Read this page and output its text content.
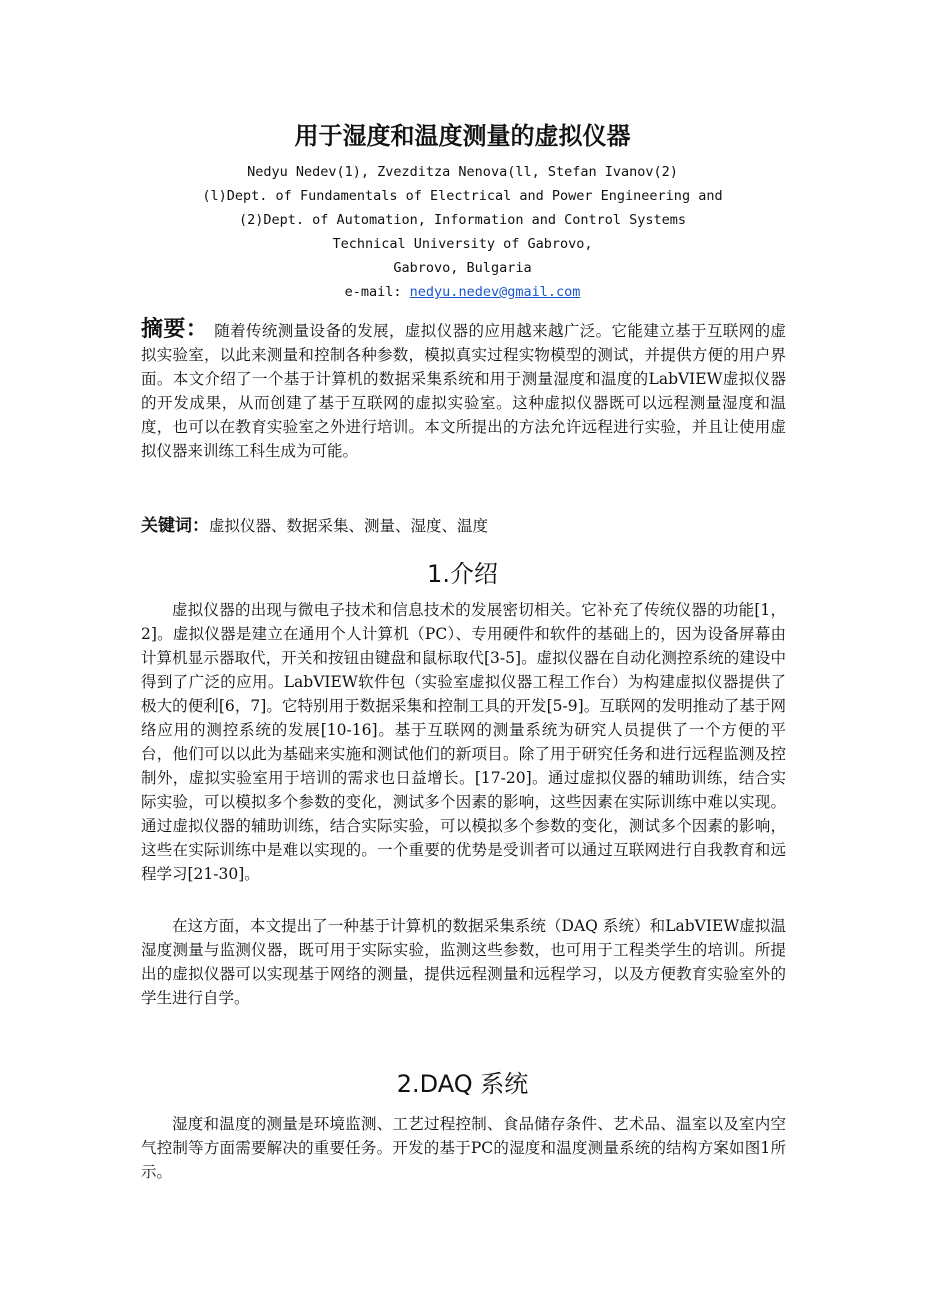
用于湿度和温度测量的虚拟仪器
Nedyu Nedev(1), Zvezditza Nenova(ll, Stefan Ivanov(2)
(l)Dept. of Fundamentals of Electrical and Power Engineering and
(2)Dept. of Automation, Information and Control Systems
Technical University of Gabrovo,
Gabrovo, Bulgaria
e-mail: nedyu.nedev@gmail.com
摘要： 随着传统测量设备的发展，虚拟仪器的应用越来越广泛。它能建立基于互联网的虚拟实验室，以此来测量和控制各种参数，模拟真实过程实物模型的测试，并提供方便的用户界面。本文介绍了一个基于计算机的数据采集系统和用于测量湿度和温度的LabVIEW虚拟仪器的开发成果，从而创建了基于互联网的虚拟实验室。这种虚拟仪器既可以远程测量湿度和温度，也可以在教育实验室之外进行培训。本文所提出的方法允许远程进行实验，并且让使用虚拟仪器来训练工科生成为可能。
关键词：虚拟仪器、数据采集、测量、湿度、温度
1.介绍
虚拟仪器的出现与微电子技术和信息技术的发展密切相关。它补充了传统仪器的功能[1，2]。虚拟仪器是建立在通用个人计算机（PC）、专用硬件和软件的基础上的，因为设备屏幕由计算机显示器取代，开关和按钮由键盘和鼠标取代[3-5]。虚拟仪器在自动化测控系统的建设中得到了广泛的应用。LabVIEW软件包（实验室虚拟仪器工程工作台）为构建虚拟仪器提供了极大的便利[6，7]。它特别用于数据采集和控制工具的开发[5-9]。互联网的发明推动了基于网络应用的测控系统的发展[10-16]。基于互联网的测量系统为研究人员提供了一个方便的平台，他们可以以此为基础来实施和测试他们的新项目。除了用于研究任务和进行远程监测及控制外，虚拟实验室用于培训的需求也日益增长。[17-20]。通过虚拟仪器的辅助训练，结合实际实验，可以模拟多个参数的变化，测试多个因素的影响，这些因素在实际训练中难以实现。通过虚拟仪器的辅助训练，结合实际实验，可以模拟多个参数的变化，测试多个因素的影响，这些在实际训练中是难以实现的。一个重要的优势是受训者可以通过互联网进行自我教育和远程学习[21-30]。
在这方面，本文提出了一种基于计算机的数据采集系统（DAQ 系统）和LabVIEW虚拟温湿度测量与监测仪器，既可用于实际实验，监测这些参数，也可用于工程类学生的培训。所提出的虚拟仪器可以实现基于网络的测量，提供远程测量和远程学习，以及方便教育实验室外的学生进行自学。
2.DAQ 系统
湿度和温度的测量是环境监测、工艺过程控制、食品储存条件、艺术品、温室以及室内空气控制等方面需要解决的重要任务。开发的基于PC的湿度和温度测量系统的结构方案如图1所示。
